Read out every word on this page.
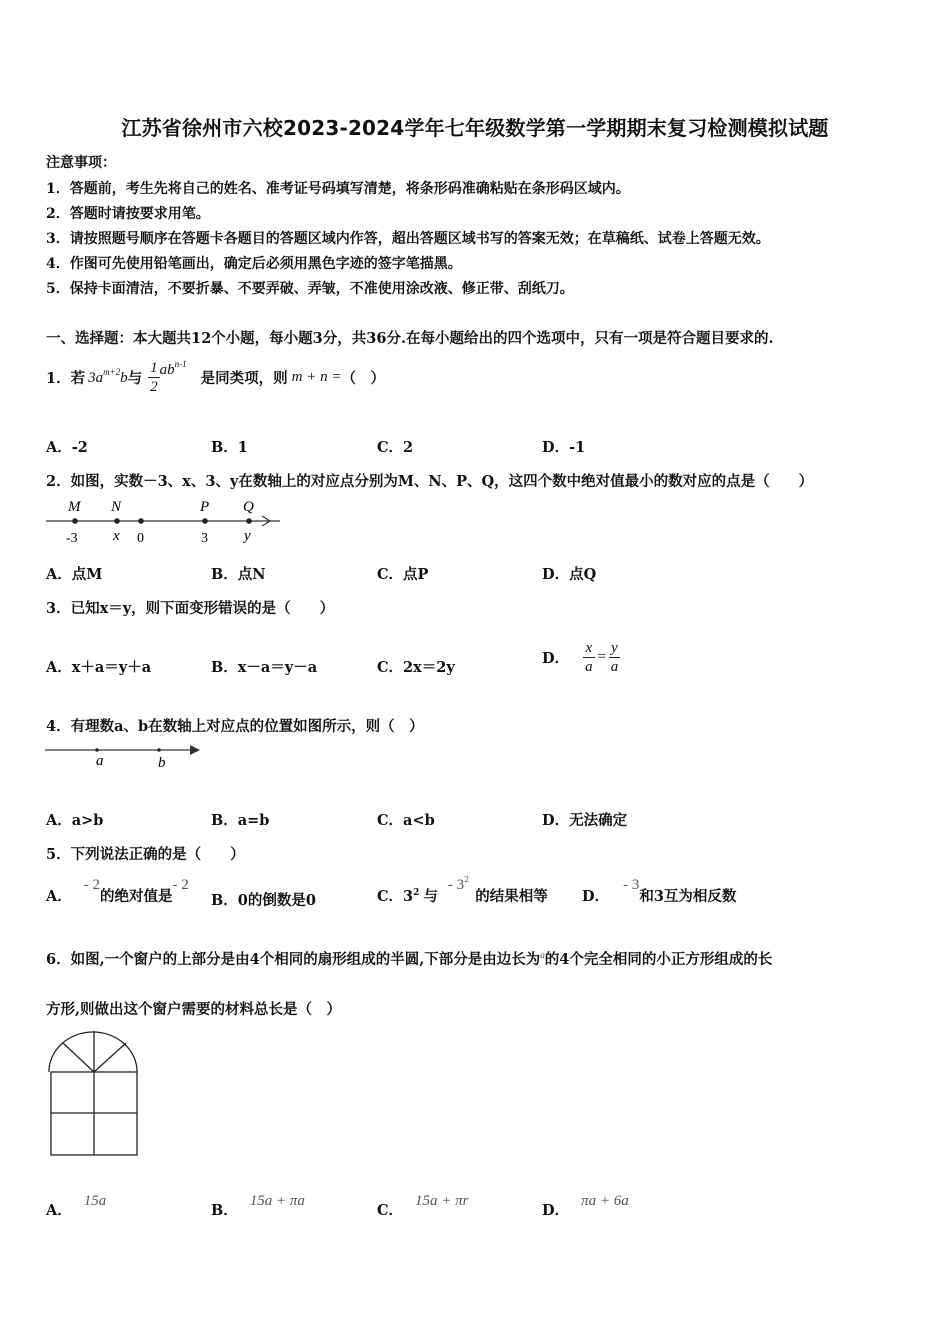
江苏省徐州市六校2023-2024学年七年级数学第一学期期末复习检测模拟试题
注意事项：
1．答题前，考生先将自己的姓名、准考证号码填写清楚，将条形码准确粘贴在条形码区域内。
2．答题时请按要求用笔。
3．请按照题号顺序在答题卡各题目的答题区域内作答，超出答题区域书写的答案无效；在草稿纸、试卷上答题无效。
4．作图可先使用铅笔画出，确定后必须用黑色字迹的签字笔描黑。
5．保持卡面清洁，不要折暴、不要弄破、弄皱，不准使用涂改液、修正带、刮纸刀。
一、选择题：本大题共12个小题，每小题3分，共36分.在每小题给出的四个选项中，只有一项是符合题目要求的.
1．若 $3a^{m+2}b$ 与 $\frac{1}{2} ab^{n-1}$
是同类项，则 m + n = （　）
A．-2	B．1	C．2	D．-1
2．如图，实数－3、x、3、y在数轴上的对应点分别为M、N、P、Q，这四个数中绝对值最小的数对应的点是（　　）
M N	P Q
-3 x 0	3 y
A．点M	B．点N	C．点P	D．点Q
3．已知x＝y，则下面变形错误的是（　　）
A．x＋a＝y＋a	B．x－a＝y－a	C．2x＝2y
D． $\frac{x}{a} = \frac{y}{a}$
4．有理数a、b在数轴上对应点的位置如图所示，则（　）
a	b
A．a>b	B．a=b	C．a<b	D．无法确定
5．下列说法正确的是（　　）
A．
- 2
的绝对值是
- 2
B．0的倒数是0	C．3 2 与
- 3 2
的结果相等 D．
- 3
和3互为相反数
6．如图,一个窗户的上部分是由4个相同的扇形组成的半圆,下部分是由边长为$^a$的4个完全相同的小正方形组成的长
方形,则做出这个窗户需要的材料总长是（　）
A．
15a
B．
15a + πa
C．
15a + πr
D．
πa + 6a
